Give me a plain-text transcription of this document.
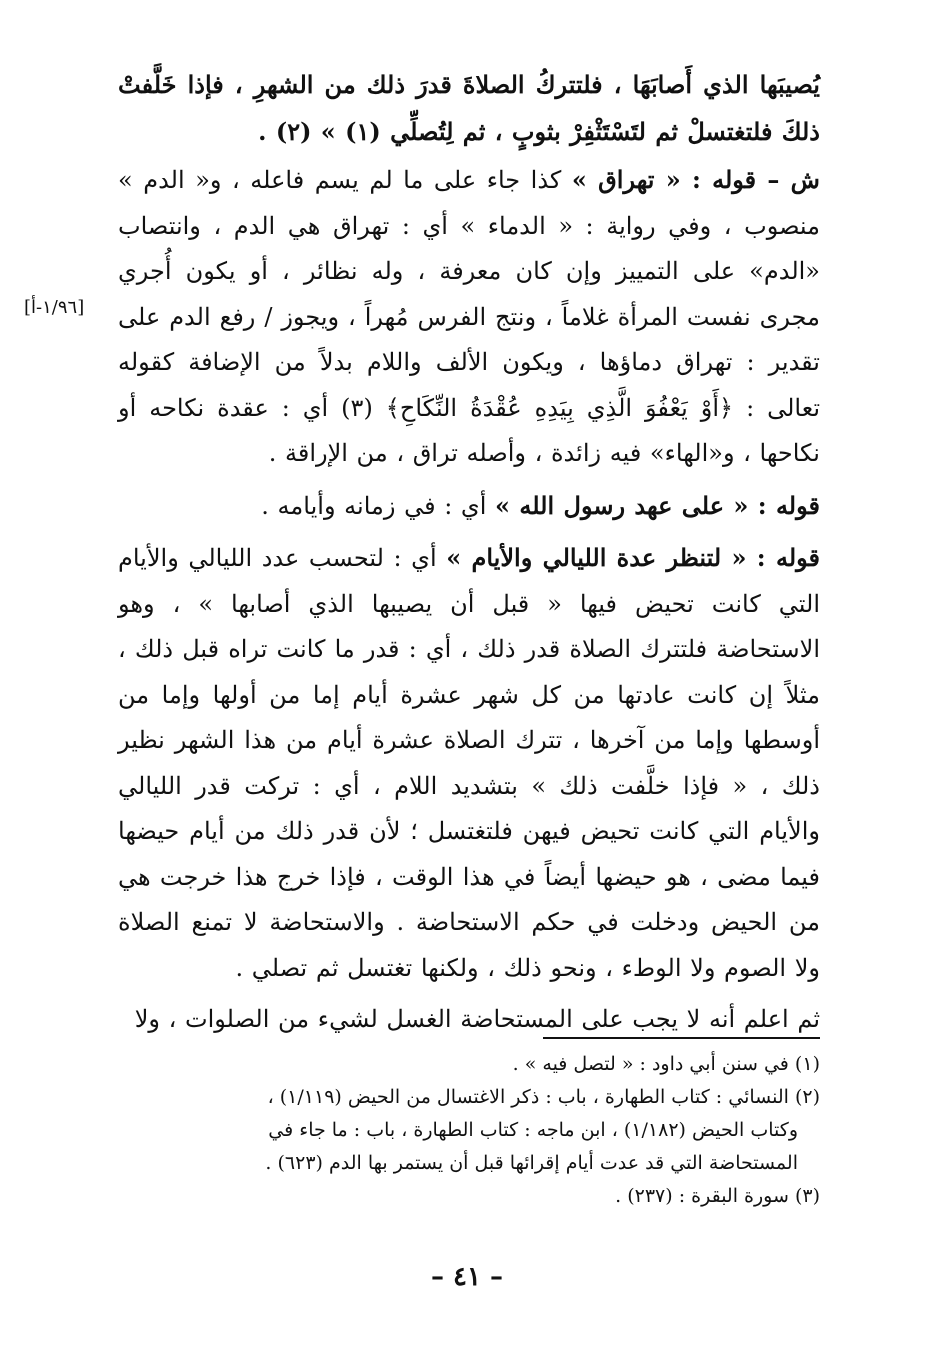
يُصيبَها الذي أَصابَهَا ، فلتتركُ الصلاةَ قدرَ ذلك من الشهرِ ، فإذا خَلَّفتْ ذلكَ فلتغتسلْ ثم لتَسْتَثْفِرْ بثوبٍ ، ثم لِتُصلِّي (١) » (٢) .

ش – قوله : « تهراق » كذا جاء على ما لم يسم فاعله ، و« الدم » منصوب ، وفي رواية : « الدماء » أي : تهراق هي الدم ، وانتصاب «الدم» على التمييز وإن كان معرفة ، وله نظائر ، أو يكون أُجري مجرى نفست المرأة غلاماً ، ونتج الفرس مُهراً ، ويجوز / رفع الدم على تقدير : تهراق دماؤها ، ويكون الألف واللام بدلاً من الإضافة كقوله تعالى : ﴿أَوْ يَعْفُوَ الَّذِي بِيَدِهِ عُقْدَةُ النِّكَاحِ﴾ (٣) أي : عقدة نكاحه أو نكاحها ، و«الهاء» فيه زائدة ، وأصله تراق ، من الإراقة .

قوله : « على عهد رسول الله » أي : في زمانه وأيامه .

قوله : « لتنظر عدة الليالي والأيام » أي : لتحسب عدد الليالي والأيام التي كانت تحيض فيها « قبل أن يصيبها الذي أصابها » ، وهو الاستحاضة فلتترك الصلاة قدر ذلك ، أي : قدر ما كانت تراه قبل ذلك ، مثلاً إن كانت عادتها من كل شهر عشرة أيام إما من أولها وإما من أوسطها وإما من آخرها ، تترك الصلاة عشرة أيام من هذا الشهر نظير ذلك ، « فإذا خلَّفت ذلك » بتشديد اللام ، أي : تركت قدر الليالي والأيام التي كانت تحيض فيهن فلتغتسل ؛ لأن قدر ذلك من أيام حيضها فيما مضى ، هو حيضها أيضاً في هذا الوقت ، فإذا خرج هذا خرجت هي من الحيض ودخلت في حكم الاستحاضة . والاستحاضة لا تمنع الصلاة ولا الصوم ولا الوطء ، ونحو ذلك ، ولكنها تغتسل ثم تصلي .

ثم اعلم أنه لا يجب على المستحاضة الغسل لشيء من الصلوات ، ولا

[١/٩٦-أ]

(١) في سنن أبي داود : « لتصل فيه » .

(٢) النسائي : كتاب الطهارة ، باب : ذكر الاغتسال من الحيض (١/١١٩) ،

وكتاب الحيض (١/١٨٢) ، ابن ماجه : كتاب الطهارة ، باب : ما جاء في

المستحاضة التي قد عدت أيام إقرائها قبل أن يستمر بها الدم (٦٢٣) .

(٣) سورة البقرة : (٢٣٧) .

– ٤١ –
